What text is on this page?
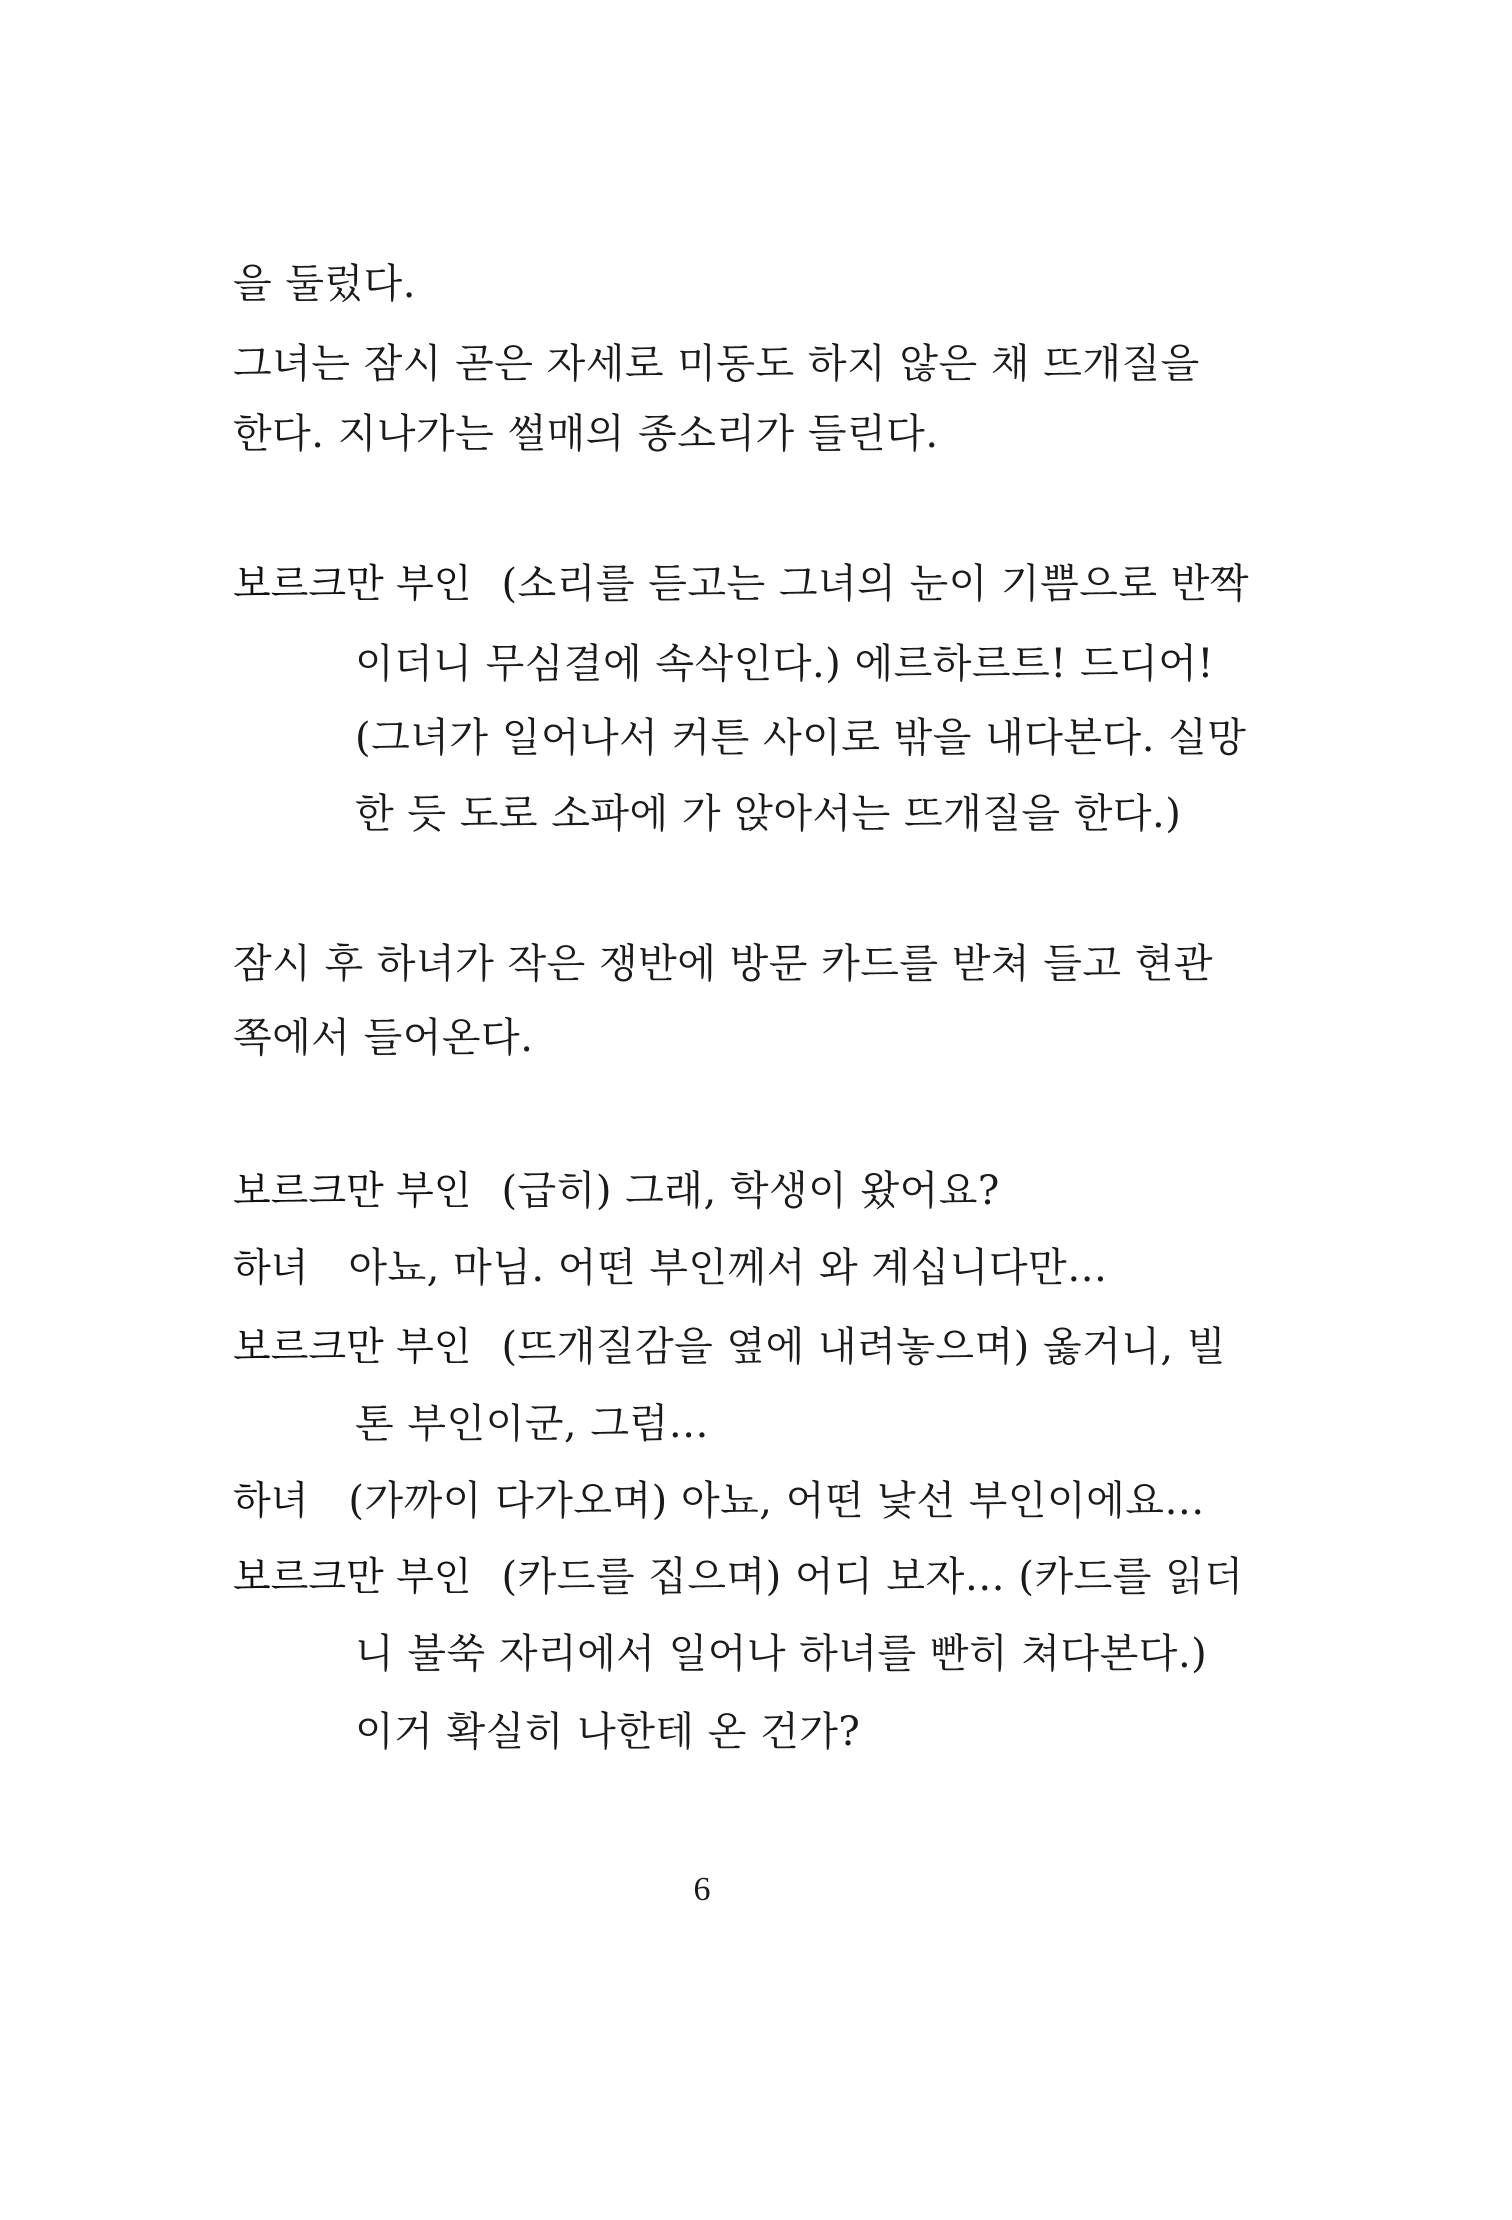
을 둘렀다.
그녀는 잠시 곧은 자세로 미동도 하지 않은 채 뜨개질을
한다. 지나가는 썰매의 종소리가 들린다.
보르크만 부인 (소리를 듣고는 그녀의 눈이 기쁨으로 반짝
이더니 무심결에 속삭인다.) 에르하르트! 드디어!
(그녀가 일어나서 커튼 사이로 밖을 내다본다. 실망
한 듯 도로 소파에 가 앉아서는 뜨개질을 한다.)
잠시 후 하녀가 작은 쟁반에 방문 카드를 받쳐 들고 현관
쪽에서 들어온다.
보르크만 부인 (급히) 그래, 학생이 왔어요?
하녀 아뇨, 마님. 어떤 부인께서 와 계십니다만…
보르크만 부인 (뜨개질감을 옆에 내려놓으며) 옳거니, 빌
톤 부인이군, 그럼…
하녀 (가까이 다가오며) 아뇨, 어떤 낯선 부인이에요…
보르크만 부인 (카드를 집으며) 어디 보자… (카드를 읽더
니 불쑥 자리에서 일어나 하녀를 빤히 쳐다본다.)
이거 확실히 나한테 온 건가?
6
